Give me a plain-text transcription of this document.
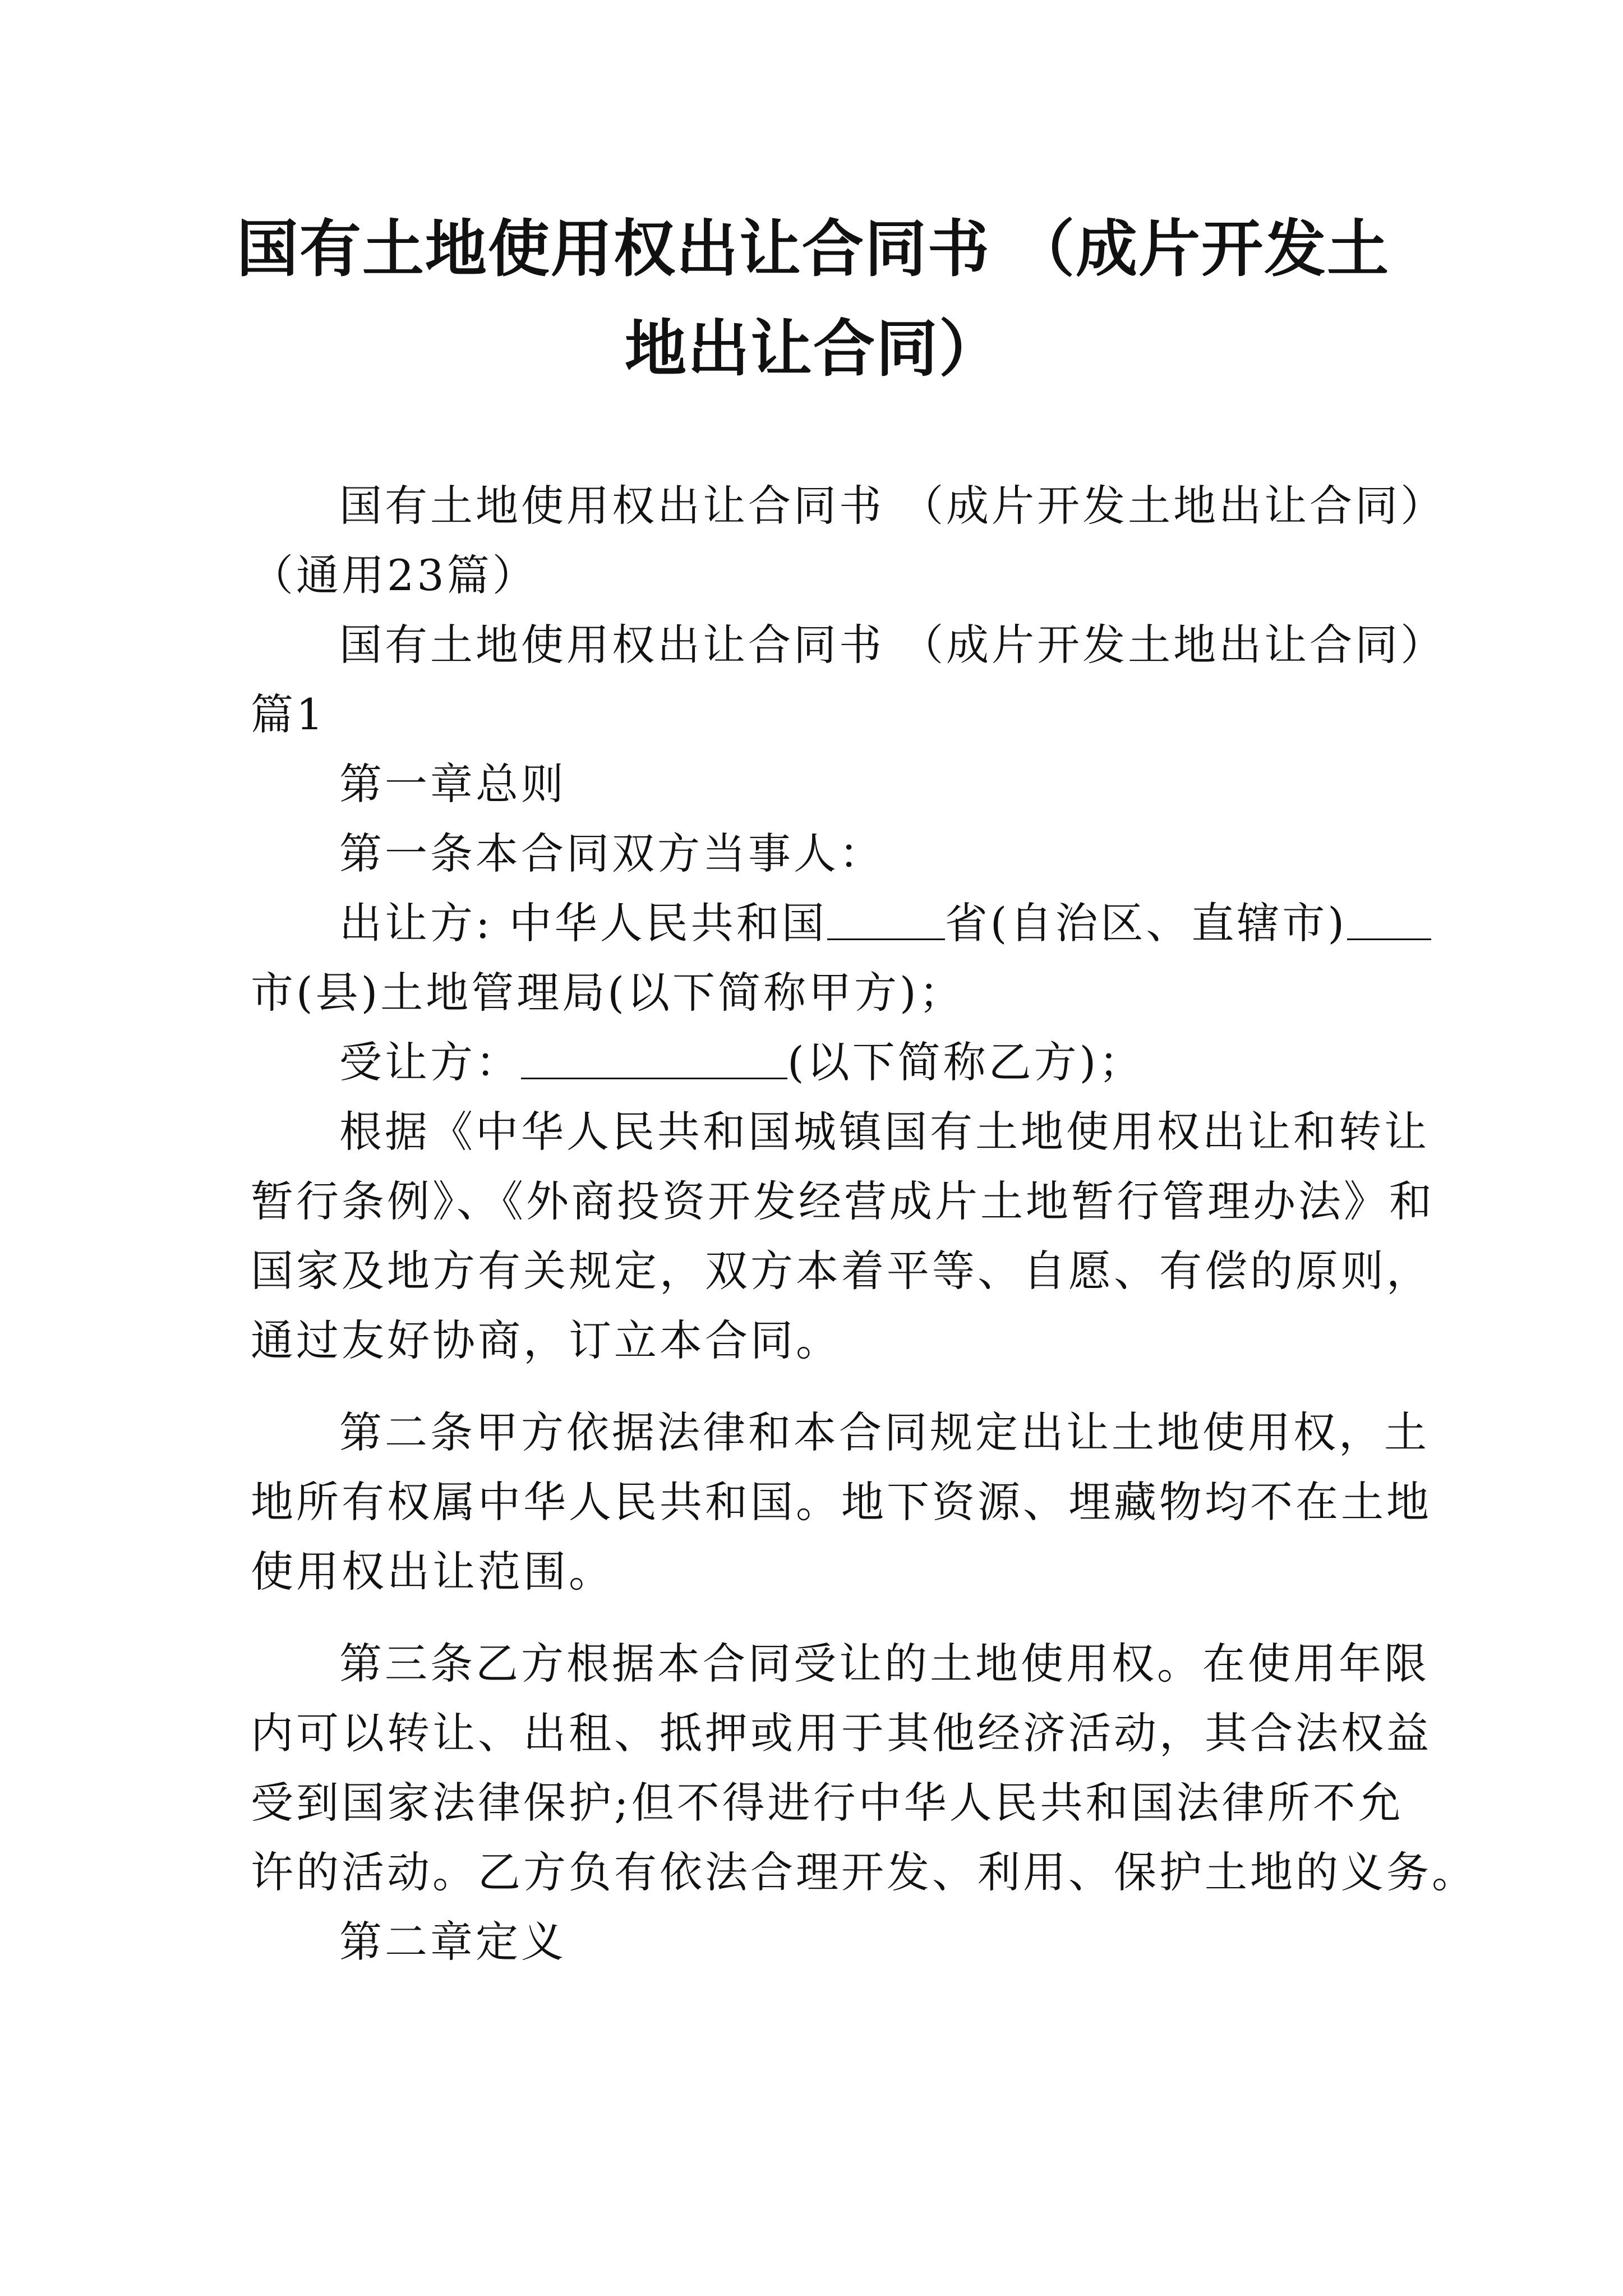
国有土地使用权出让合同书 （成片开发土
地出让合同）

国有土地使用权出让合同书 （成片开发土地出让合同）

（通用23篇）

国有土地使用权出让合同书 （成片开发土地出让合同）

篇1

第一章总则

第一条本合同双方当事人：

出让方: 中华人民共和国	省(自治区、直辖市)

市(县)土地管理局(以下简称甲方)；

受让方：	(以下简称乙方)；

根据《中华人民共和国城镇国有土地使用权出让和转让

暂行条例》、《外商投资开发经营成片土地暂行管理办法》和

国家及地方有关规定，双方本着平等、自愿、有偿的原则，

通过友好协商，订立本合同。

第二条甲方依据法律和本合同规定出让土地使用权，土

地所有权属中华人民共和国。地下资源、埋藏物均不在土地

使用权出让范围。

第三条乙方根据本合同受让的土地使用权。在使用年限

内可以转让、出租、抵押或用于其他经济活动，其合法权益

受到国家法律保护;但不得进行中华人民共和国法律所不允

许的活动。乙方负有依法合理开发、利用、保护土地的义务。

第二章定义
